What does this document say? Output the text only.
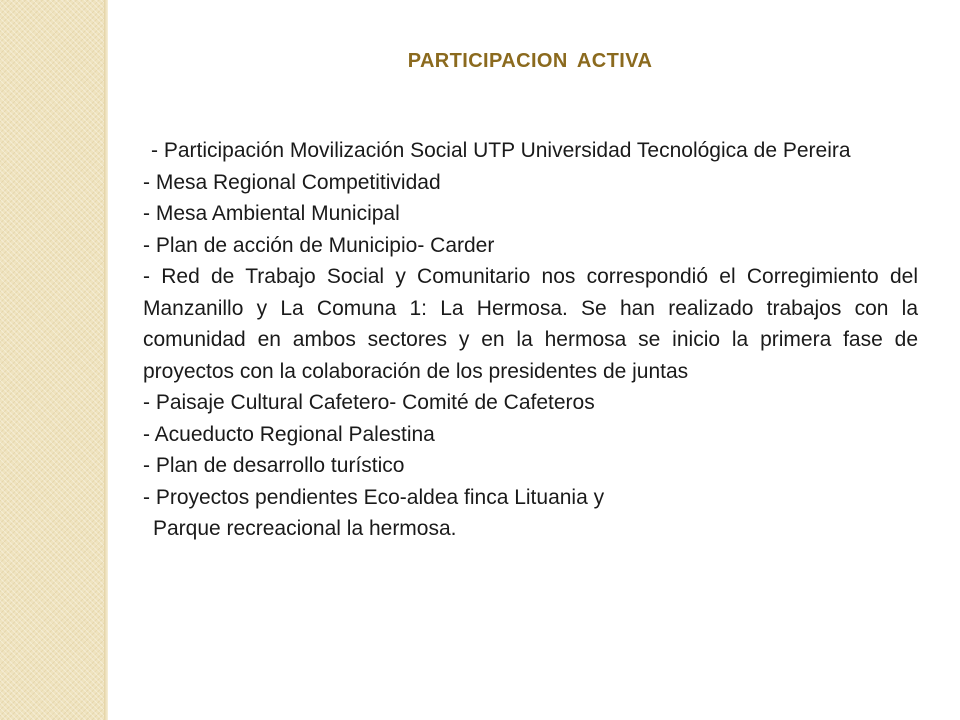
PARTICIPACION ACTIVA

- Participación Movilización Social UTP Universidad Tecnológica de Pereira

- Mesa Regional Competitividad

- Mesa Ambiental Municipal

- Plan de acción de Municipio- Carder

- Red de Trabajo Social y Comunitario nos correspondió el Corregimiento del Manzanillo y La Comuna 1: La Hermosa. Se han realizado trabajos con la comunidad en ambos sectores y en la hermosa se inicio la primera fase de proyectos con la colaboración de los presidentes de juntas

- Paisaje Cultural Cafetero- Comité de Cafeteros

- Acueducto Regional Palestina

- Plan de desarrollo turístico

- Proyectos pendientes Eco-aldea finca Lituania y

Parque recreacional la hermosa.
